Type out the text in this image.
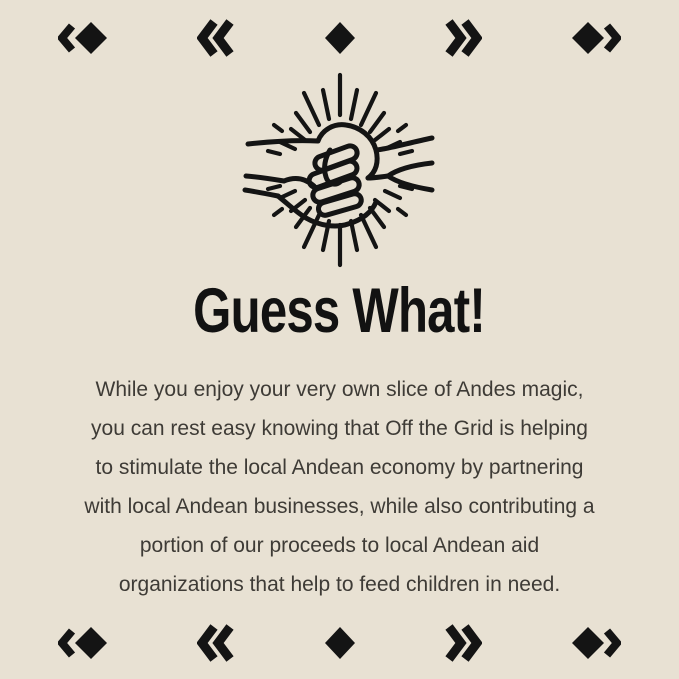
Guess What!
While you enjoy your very own slice of Andes magic,
you can rest easy knowing that Off the Grid is helping
to stimulate the local Andean economy by partnering
with local Andean businesses, while also contributing a
portion of our proceeds to local Andean aid
organizations that help to feed children in need.
